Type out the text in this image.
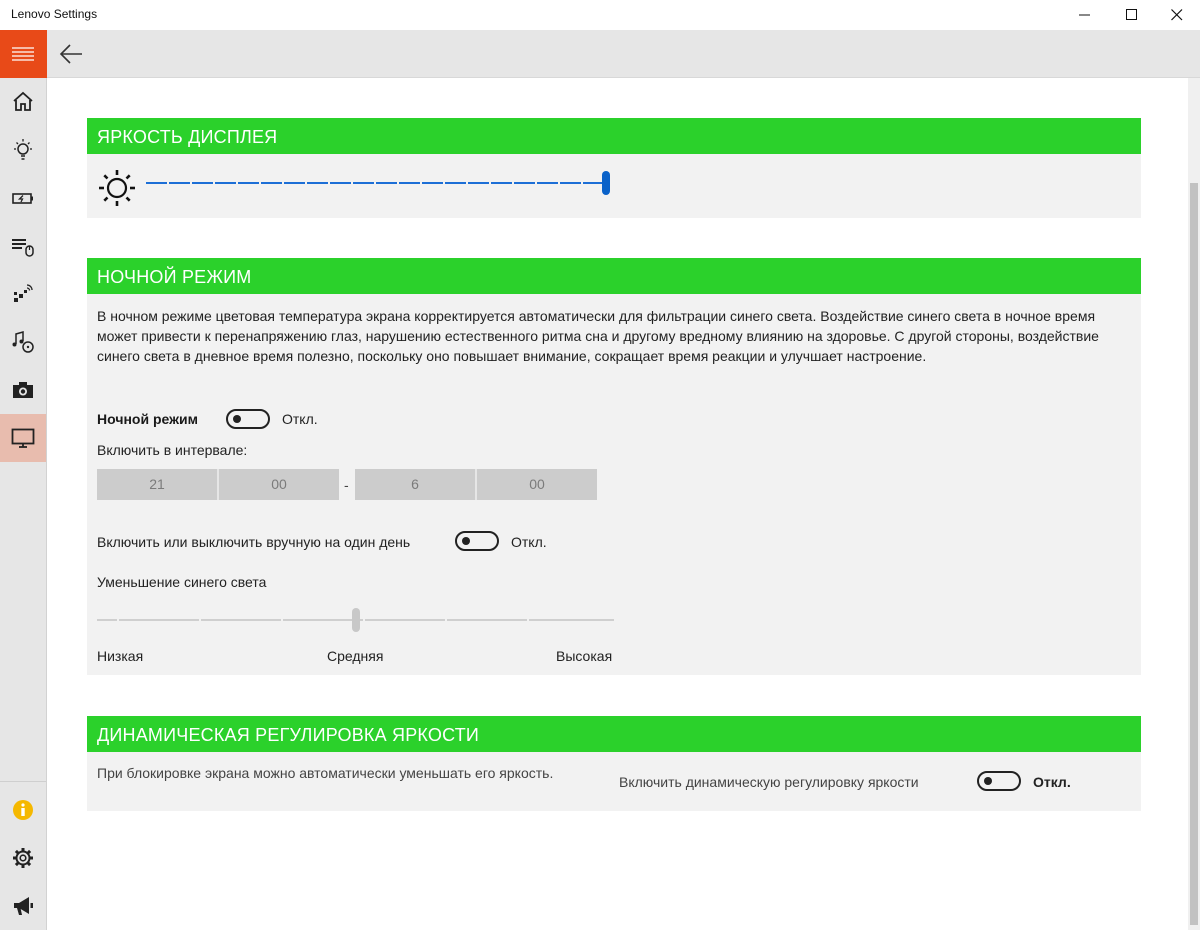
Lenovo Settings
ЯРКОСТЬ ДИСПЛЕЯ
НОЧНОЙ РЕЖИМ
В ночном режиме цветовая температура экрана корректируется автоматически для фильтрации синего света. Воздействие синего света в ночное время может привести к перенапряжению глаз, нарушению естественного ритма сна и другому вредному влиянию на здоровье. С другой стороны, воздействие синего света в дневное время полезно, поскольку оно повышает внимание, сокращает время реакции и улучшает настроение.
Ночной режим	Откл.
Включить в интервале:
21	00	-	6	00
Включить или выключить вручную на один день	Откл.
Уменьшение синего света
Низкая	Средняя	Высокая
ДИНАМИЧЕСКАЯ РЕГУЛИРОВКА ЯРКОСТИ
При блокировке экрана можно автоматически уменьшать его яркость.
Включить динамическую регулировку яркости	Откл.
